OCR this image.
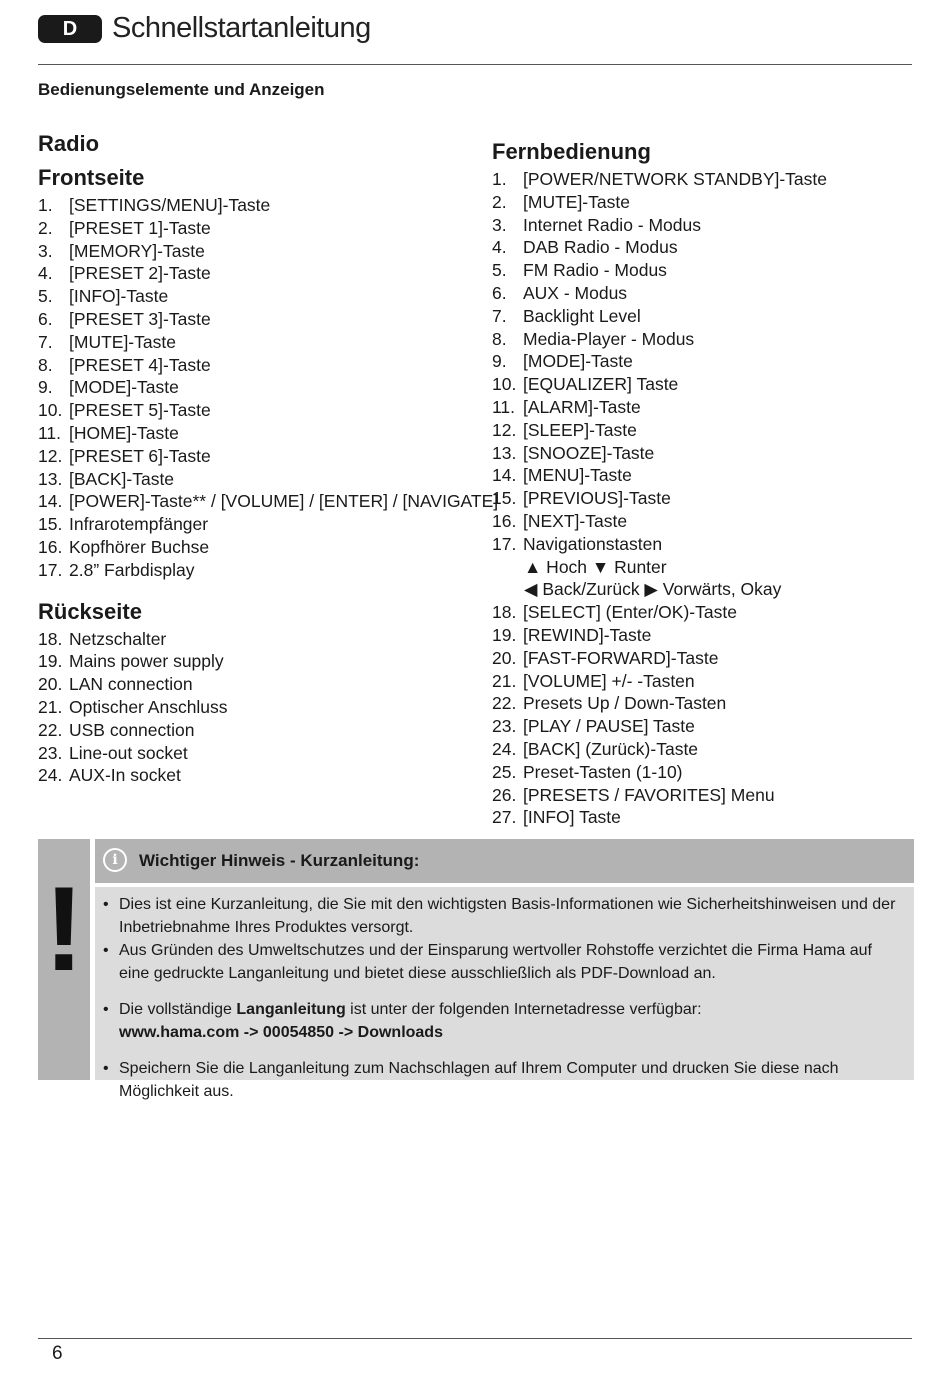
D	Schnellstartanleitung
Bedienungselemente und Anzeigen
Radio
Frontseite
1. [SETTINGS/MENU]-Taste
2. [PRESET 1]-Taste
3. [MEMORY]-Taste
4. [PRESET 2]-Taste
5. [INFO]-Taste
6. [PRESET 3]-Taste
7. [MUTE]-Taste
8. [PRESET 4]-Taste
9. [MODE]-Taste
10. [PRESET 5]-Taste
11. [HOME]-Taste
12. [PRESET 6]-Taste
13. [BACK]-Taste
14. [POWER]-Taste** / [VOLUME] / [ENTER] / [NAVIGATE]
15. Infrarotempfänger
16. Kopfhörer Buchse
17. 2.8” Farbdisplay
Rückseite
18. Netzschalter
19. Mains power supply
20. LAN connection
21. Optischer Anschluss
22. USB connection
23. Line-out socket
24. AUX-In socket
Fernbedienung
1. [POWER/NETWORK STANDBY]-Taste
2. [MUTE]-Taste
3. Internet Radio - Modus
4. DAB Radio - Modus
5. FM Radio - Modus
6. AUX - Modus
7. Backlight Level
8. Media-Player - Modus
9. [MODE]-Taste
10. [EQUALIZER] Taste
11. [ALARM]-Taste
12. [SLEEP]-Taste
13. [SNOOZE]-Taste
14. [MENU]-Taste
15. [PREVIOUS]-Taste
16. [NEXT]-Taste
17. Navigationstasten
▲ Hoch ▼ Runter
◀ Back/Zurück ▶ Vorwärts, Okay
18. [SELECT] (Enter/OK)-Taste
19. [REWIND]-Taste
20. [FAST-FORWARD]-Taste
21. [VOLUME] +/- -Tasten
22. Presets Up / Down-Tasten
23. [PLAY / PAUSE] Taste
24. [BACK] (Zurück)-Taste
25. Preset-Tasten (1-10)
26. [PRESETS / FAVORITES] Menu
27. [INFO] Taste
!
i	Wichtiger Hinweis - Kurzanleitung:
• Dies ist eine Kurzanleitung, die Sie mit den wichtigsten Basis-Informationen wie Sicherheitshinweisen und der Inbetriebnahme Ihres Produktes versorgt.
• Aus Gründen des Umweltschutzes und der Einsparung wertvoller Rohstoffe verzichtet die Firma Hama auf eine gedruckte Langanleitung und bietet diese ausschließlich als PDF-Download an.
• Die vollständige Langanleitung ist unter der folgenden Internetadresse verfügbar:
www.hama.com -> 00054850 -> Downloads
• Speichern Sie die Langanleitung zum Nachschlagen auf Ihrem Computer und drucken Sie diese nach Möglichkeit aus.
6
